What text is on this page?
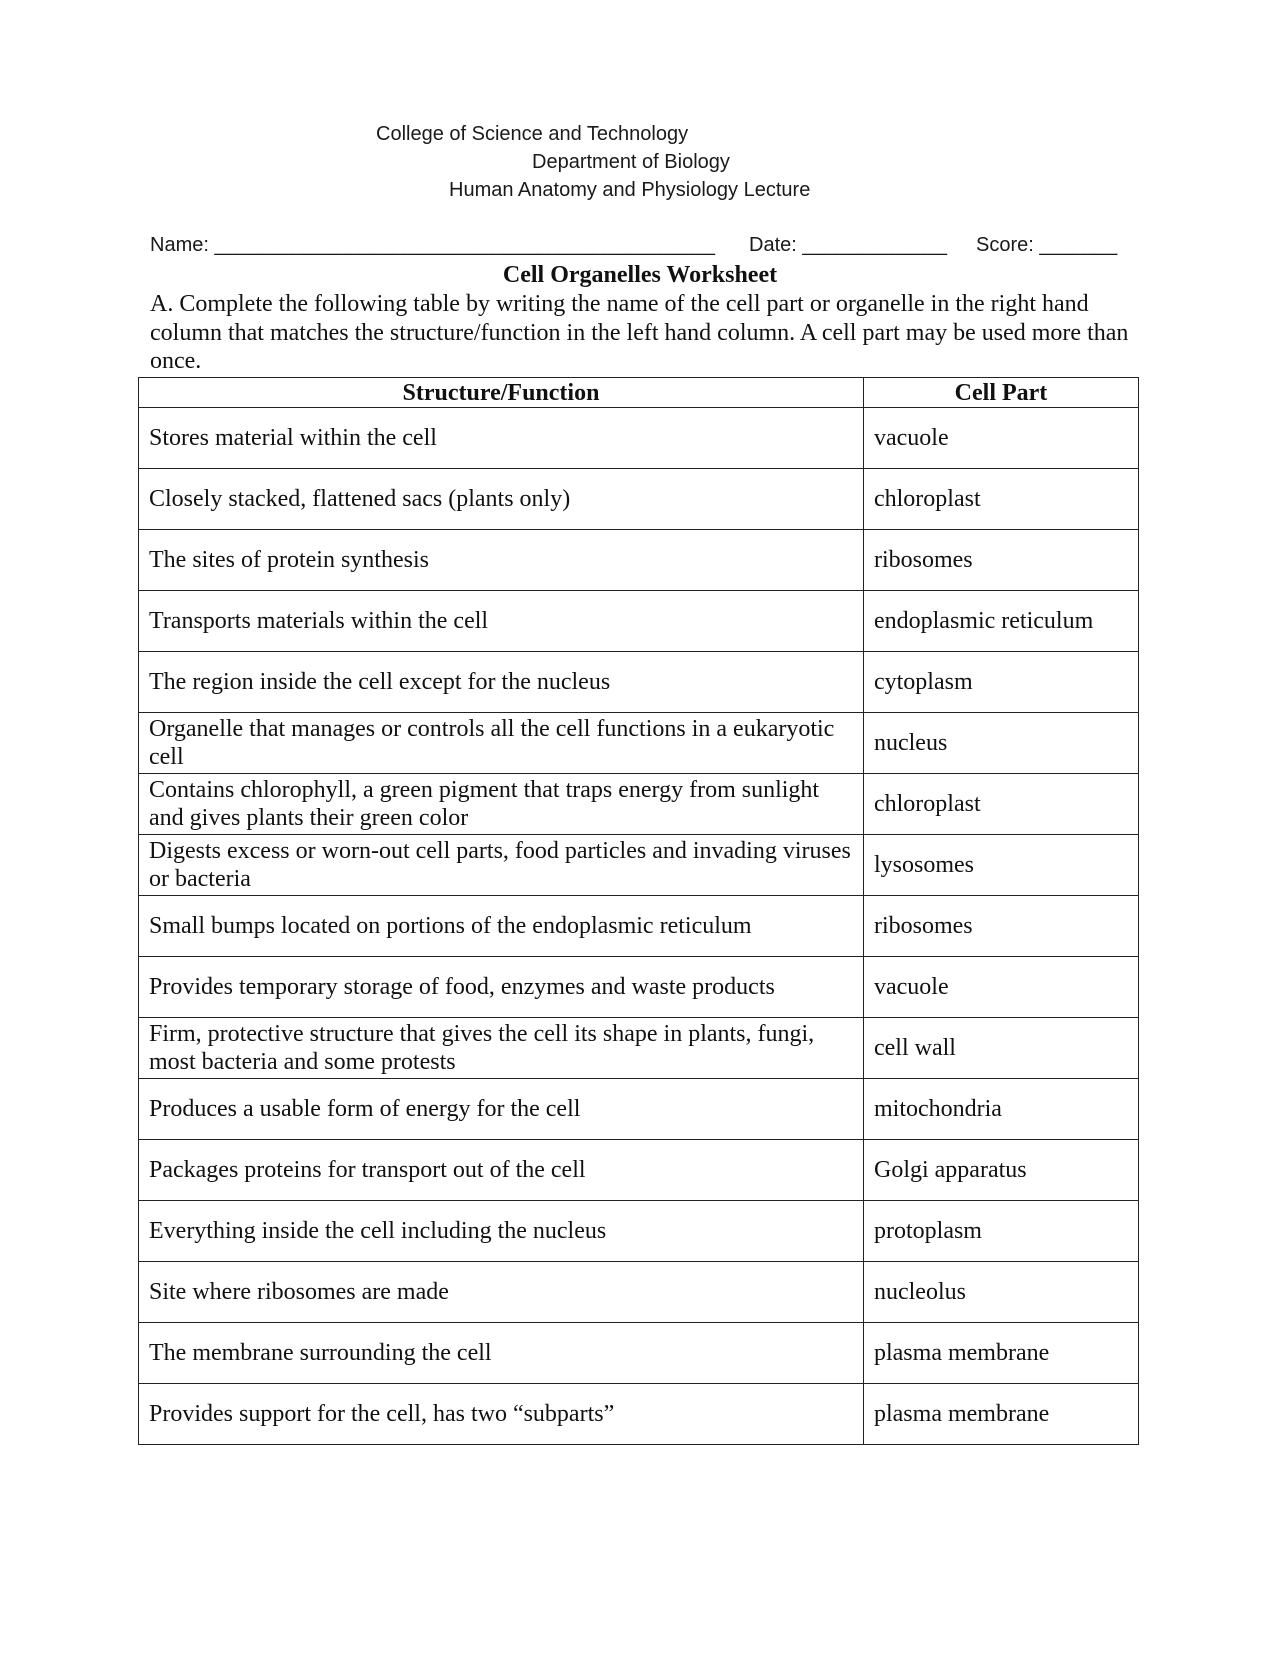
College of Science and Technology
Department of Biology
Human Anatomy and Physiology Lecture
Name: _____________________________________________ Date: _____________ Score: _______
Cell Organelles Worksheet
A. Complete the following table by writing the name of the cell part or organelle in the right hand column that matches the structure/function in the left hand column. A cell part may be used more than once.
Structure/Function	Cell Part
Stores material within the cell	vacuole
Closely stacked, flattened sacs (plants only)	chloroplast
The sites of protein synthesis	ribosomes
Transports materials within the cell	endoplasmic reticulum
The region inside the cell except for the nucleus	cytoplasm
Organelle that manages or controls all the cell functions in a eukaryotic cell	nucleus
Contains chlorophyll, a green pigment that traps energy from sunlight and gives plants their green color	chloroplast
Digests excess or worn-out cell parts, food particles and invading viruses or bacteria	lysosomes
Small bumps located on portions of the endoplasmic reticulum	ribosomes
Provides temporary storage of food, enzymes and waste products	vacuole
Firm, protective structure that gives the cell its shape in plants, fungi, most bacteria and some protests	cell wall
Produces a usable form of energy for the cell	mitochondria
Packages proteins for transport out of the cell	Golgi apparatus
Everything inside the cell including the nucleus	protoplasm
Site where ribosomes are made	nucleolus
The membrane surrounding the cell	plasma membrane
Provides support for the cell, has two “subparts”	plasma membrane
